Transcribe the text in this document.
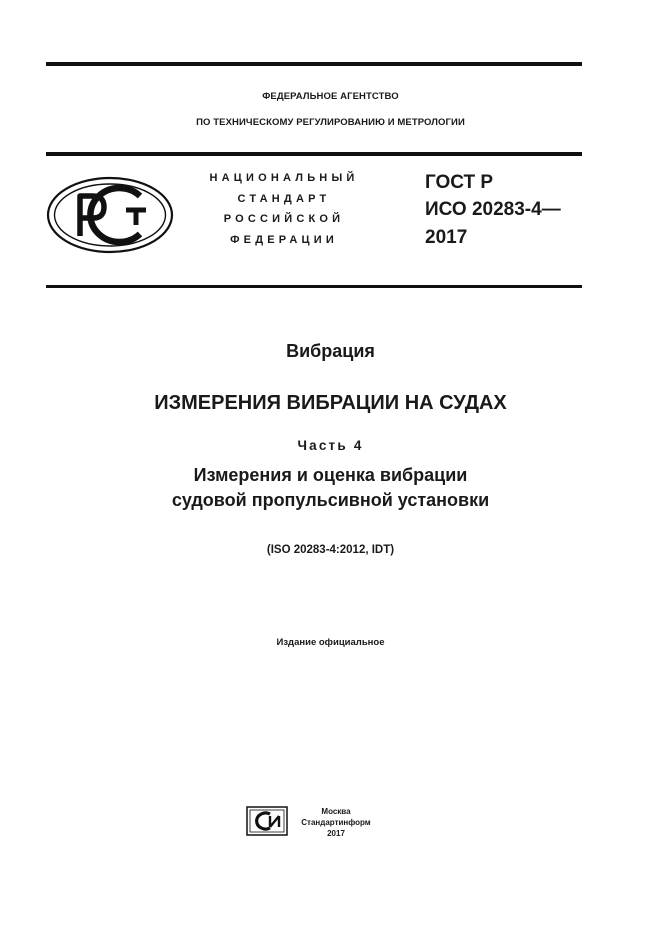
ФЕДЕРАЛЬНОЕ АГЕНТСТВО
ПО ТЕХНИЧЕСКОМУ РЕГУЛИРОВАНИЮ И МЕТРОЛОГИИ
НАЦИОНАЛЬНЫЙ
СТАНДАРТ
РОССИЙСКОЙ
ФЕДЕРАЦИИ
ГОСТ Р
ИСО 20283-4—
2017
Вибрация
ИЗМЕРЕНИЯ ВИБРАЦИИ НА СУДАХ
Часть 4
Измерения и оценка вибрации
судовой пропульсивной установки
(ISO 20283-4:2012, IDT)
Издание официальное
Москва
Стандартинформ
2017
